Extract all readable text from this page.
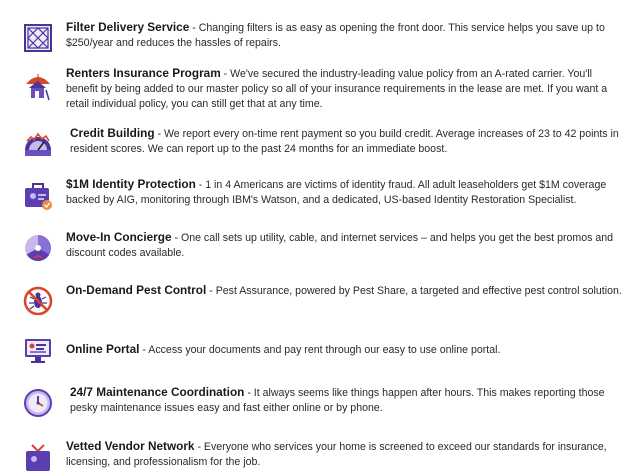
Filter Delivery Service - Changing filters is as easy as opening the front door. This service helps you save up to $250/year and reduces the hassles of repairs.
Renters Insurance Program - We've secured the industry-leading value policy from an A-rated carrier. You'll benefit by being added to our master policy so all of your insurance requirements in the lease are met. If you want a retail individual policy, you can still get that at any time.
Credit Building - We report every on-time rent payment so you build credit. Average increases of 23 to 42 points in resident scores. We can report up to the past 24 months for an immediate boost.
$1M Identity Protection - 1 in 4 Americans are victims of identity fraud. All adult leaseholders get $1M coverage backed by AIG, monitoring through IBM's Watson, and a dedicated, US-based Identity Restoration Specialist.
Move-In Concierge - One call sets up utility, cable, and internet services – and helps you get the best promos and discount codes available.
On-Demand Pest Control - Pest Assurance, powered by Pest Share, a targeted and effective pest control solution.
Online Portal - Access your documents and pay rent through our easy to use online portal.
24/7 Maintenance Coordination - It always seems like things happen after hours. This makes reporting those pesky maintenance issues easy and fast either online or by phone.
Vetted Vendor Network - Everyone who services your home is screened to exceed our standards for insurance, licensing, and professionalism for the job.
